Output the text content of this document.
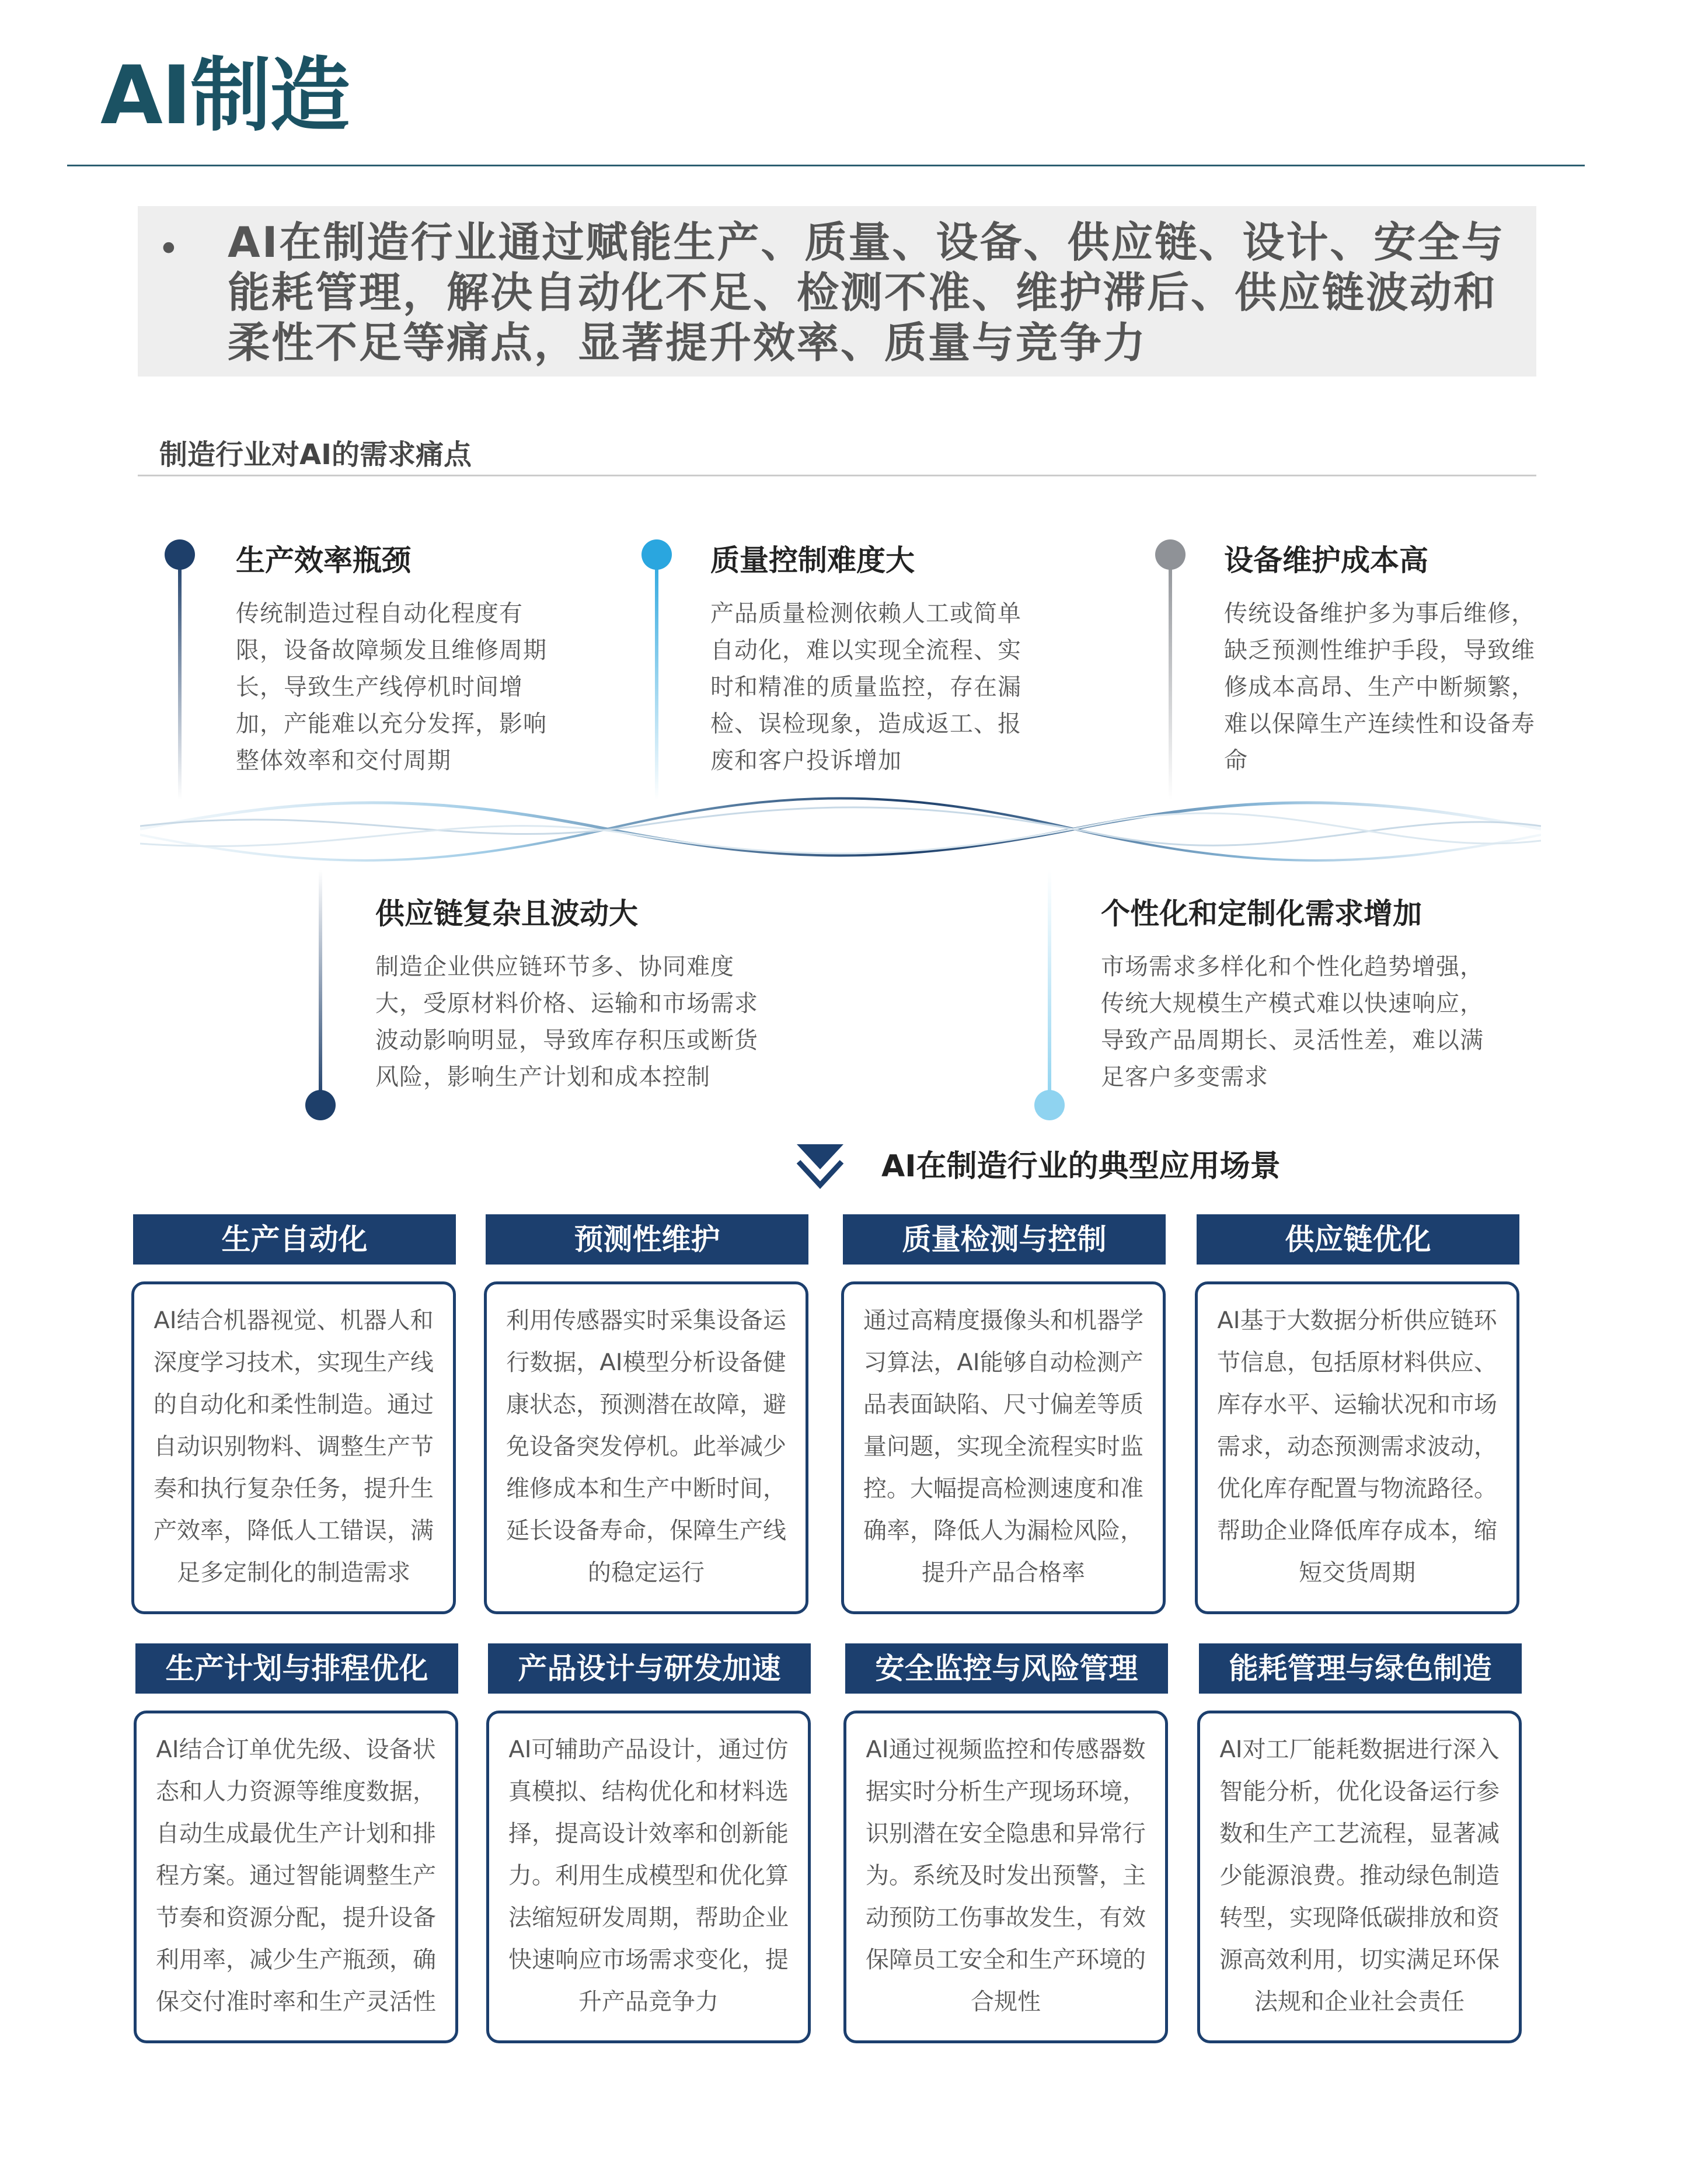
AI制造
• AI在制造行业通过赋能生产、质量、设备、供应链、设计、安全与能耗管理，解决自动化不足、检测不准、维护滞后、供应链波动和柔性不足等痛点，显著提升效率、质量与竞争力
制造行业对AI的需求痛点
生产效率瓶颈
传统制造过程自动化程度有限，设备故障频发且维修周期长，导致生产线停机时间增加，产能难以充分发挥，影响整体效率和交付周期
质量控制难度大
产品质量检测依赖人工或简单自动化，难以实现全流程、实时和精准的质量监控，存在漏检、误检现象，造成返工、报废和客户投诉增加
设备维护成本高
传统设备维护多为事后维修，缺乏预测性维护手段，导致维修成本高昂、生产中断频繁，难以保障生产连续性和设备寿命
供应链复杂且波动大
制造企业供应链环节多、协同难度大，受原材料价格、运输和市场需求波动影响明显，导致库存积压或断货风险，影响生产计划和成本控制
个性化和定制化需求增加
市场需求多样化和个性化趋势增强，传统大规模生产模式难以快速响应，导致产品周期长、灵活性差，难以满足客户多变需求
AI在制造行业的典型应用场景
生产自动化
AI结合机器视觉、机器人和深度学习技术，实现生产线的自动化和柔性制造。通过自动识别物料、调整生产节奏和执行复杂任务，提升生产效率，降低人工错误，满足多定制化的制造需求
预测性维护
利用传感器实时采集设备运行数据，AI模型分析设备健康状态，预测潜在故障，避免设备突发停机。此举减少维修成本和生产中断时间，延长设备寿命，保障生产线的稳定运行
质量检测与控制
通过高精度摄像头和机器学习算法，AI能够自动检测产品表面缺陷、尺寸偏差等质量问题，实现全流程实时监控。大幅提高检测速度和准确率，降低人为漏检风险，提升产品合格率
供应链优化
AI基于大数据分析供应链环节信息，包括原材料供应、库存水平、运输状况和市场需求，动态预测需求波动，优化库存配置与物流路径。帮助企业降低库存成本，缩短交货周期
生产计划与排程优化
AI结合订单优先级、设备状态和人力资源等维度数据，自动生成最优生产计划和排程方案。通过智能调整生产节奏和资源分配，提升设备利用率，减少生产瓶颈，确保交付准时率和生产灵活性
产品设计与研发加速
AI可辅助产品设计，通过仿真模拟、结构优化和材料选择，提高设计效率和创新能力。利用生成模型和优化算法缩短研发周期，帮助企业快速响应市场需求变化，提升产品竞争力
安全监控与风险管理
AI通过视频监控和传感器数据实时分析生产现场环境，识别潜在安全隐患和异常行为。系统及时发出预警，主动预防工伤事故发生，有效保障员工安全和生产环境的合规性
能耗管理与绿色制造
AI对工厂能耗数据进行深入智能分析，优化设备运行参数和生产工艺流程，显著减少能源浪费。推动绿色制造转型，实现降低碳排放和资源高效利用，切实满足环保法规和企业社会责任
